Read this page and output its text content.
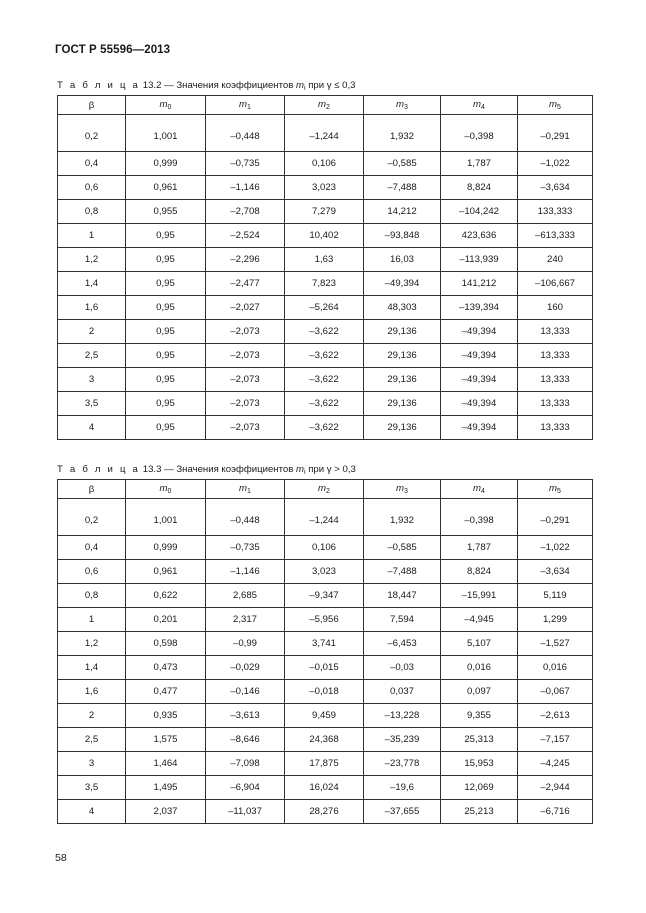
ГОСТ Р 55596—2013
Т а б л и ц а 13.2 — Значения коэффициентов $m_i$ при γ ≤ 0,3
β	$m_0$	$m_1$	$m_2$	$m_3$	$m_4$	$m_5$
0,2	1,001	–0,448	–1,244	1,932	–0,398	–0,291
0,4	0,999	–0,735	0,106	–0,585	1,787	–1,022
0,6	0,961	–1,146	3,023	–7,488	8,824	–3,634
0,8	0,955	–2,708	7,279	14,212	–104,242	133,333
1	0,95	–2,524	10,402	–93,848	423,636	–613,333
1,2	0,95	–2,296	1,63	16,03	–113,939	240
1,4	0,95	–2,477	7,823	–49,394	141,212	–106,667
1,6	0,95	–2,027	–5,264	48,303	–139,394	160
2	0,95	–2,073	–3,622	29,136	–49,394	13,333
2,5	0,95	–2,073	–3,622	29,136	–49,394	13,333
3	0,95	–2,073	–3,622	29,136	–49,394	13,333
3,5	0,95	–2,073	–3,622	29,136	–49,394	13,333
4	0,95	–2,073	–3,622	29,136	–49,394	13,333
Т а б л и ц а 13.3 — Значения коэффициентов $m_i$ при γ > 0,3
β	$m_0$	$m_1$	$m_2$	$m_3$	$m_4$	$m_5$
0,2	1,001	–0,448	–1,244	1,932	–0,398	–0,291
0,4	0,999	–0,735	0,106	–0,585	1,787	–1,022
0,6	0,961	–1,146	3,023	–7,488	8,824	–3,634
0,8	0,622	2,685	–9,347	18,447	–15,991	5,119
1	0,201	2,317	–5,956	7,594	–4,945	1,299
1,2	0,598	–0,99	3,741	–6,453	5,107	–1,527
1,4	0,473	–0,029	–0,015	–0,03	0,016	0,016
1,6	0,477	–0,146	–0,018	0,037	0,097	–0,067
2	0,935	–3,613	9,459	–13,228	9,355	–2,613
2,5	1,575	–8,646	24,368	–35,239	25,313	–7,157
3	1,464	–7,098	17,875	–23,778	15,953	–4,245
3,5	1,495	–6,904	16,024	–19,6	12,069	–2,944
4	2,037	–11,037	28,276	–37,655	25,213	–6,716
58
